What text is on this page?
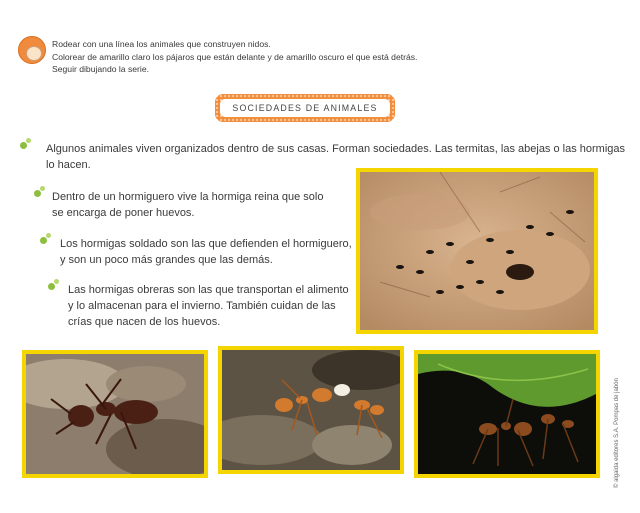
Rodear con una línea los animales que construyen nidos.
Colorear de amarillo claro los pájaros que están delante y de amarillo oscuro el que está detrás.
Seguir dibujando la serie.
SOCIEDADES DE ANIMALES
Algunos animales viven organizados dentro de sus casas. Forman sociedades. Las termitas, las abejas o las hormigas
lo hacen.
Dentro de un hormiguero vive la hormiga reina que solo
se encarga de poner huevos.
Los hormigas soldado son las que defienden el hormiguero,
y son un poco más grandes que las demás.
Las hormigas obreras son las que transportan el alimento
y lo almacenan para el invierno. También cuidan de las
crías que nacen de los huevos.
© algaida editores S.A. Pompas de jabón
